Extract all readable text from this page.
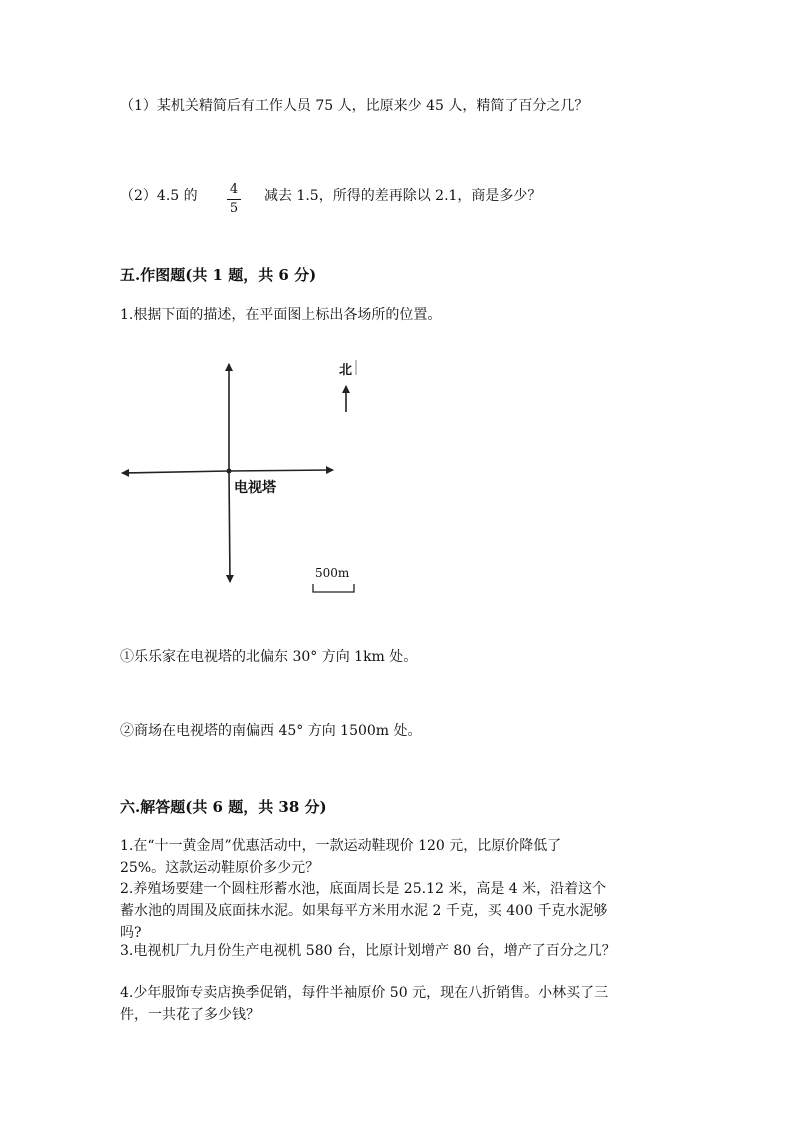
（1）某机关精简后有工作人员 75 人，比原来少 45 人，精简了百分之几？
（2）4.5 的	4
5
减去 1.5，所得的差再除以 2.1，商是多少？
五.作图题(共 1 题，共 6 分)
1.根据下面的描述，在平面图上标出各场所的位置。
北
电视塔
500m
①乐乐家在电视塔的北偏东 30° 方向 1km 处。
②商场在电视塔的南偏西 45° 方向 1500m 处。
六.解答题(共 6 题，共 38 分)
1.在“十一黄金周”优惠活动中，一款运动鞋现价 120 元，比原价降低了
25%。这款运动鞋原价多少元？
2.养殖场要建一个圆柱形蓄水池，底面周长是 25.12 米，高是 4 米，沿着这个
蓄水池的周围及底面抹水泥。如果每平方米用水泥 2 千克，买 400 千克水泥够
吗?
3.电视机厂九月份生产电视机 580 台，比原计划增产 80 台，增产了百分之几？
4.少年服饰专卖店换季促销，每件半袖原价 50 元，现在八折销售。小林买了三
件，一共花了多少钱？
